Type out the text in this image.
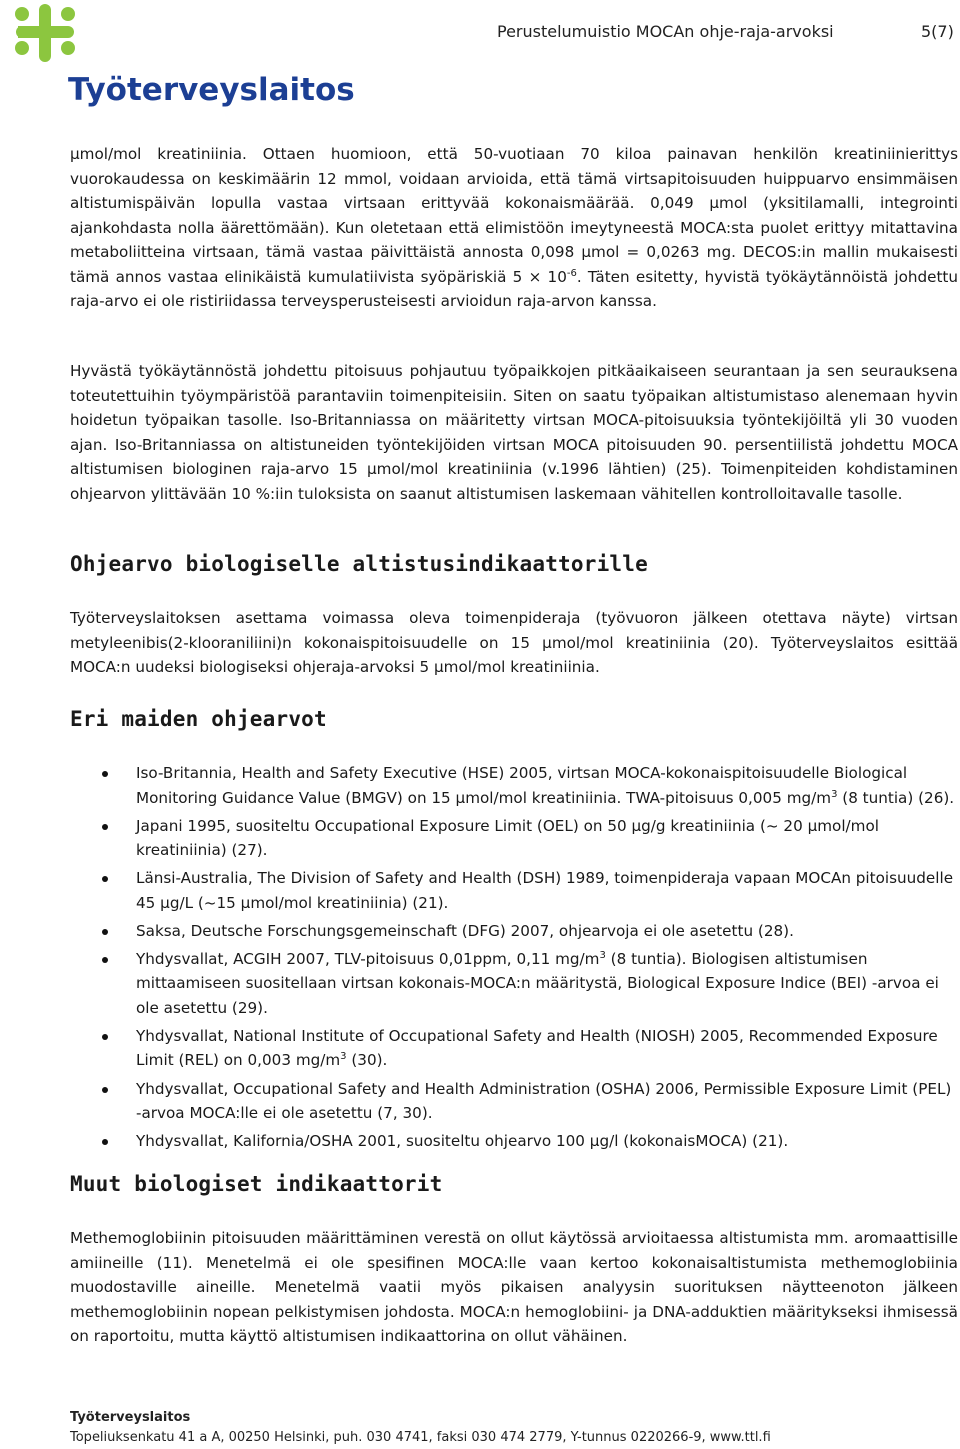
Työterveyslaitos
Perustelumuistio MOCAn ohje-raja-arvoksi	5(7)

µmol/mol kreatiniinia. Ottaen huomioon, että 50-vuotiaan 70 kiloa painavan henkilön kreatiniinierittys vuorokaudessa on keskimäärin 12 mmol, voidaan arvioida, että tämä virtsapitoisuuden huippuarvo ensimmäisen altistumispäivän lopulla vastaa virtsaan erittyvää kokonaismäärää. 0,049 µmol (yksitilamalli, integrointi ajankohdasta nolla äärettömään). Kun oletetaan että elimistöön imeytyneestä MOCA:sta puolet erittyy mitattavina metaboliitteina virtsaan, tämä vastaa päivittäistä annosta 0,098 µmol = 0,0263 mg. DECOS:in mallin mukaisesti tämä annos vastaa elinikäistä kumulatiivista syöpäriskiä $5 \times 10^{-6}$. Täten esitetty, hyvistä työkäytännöistä johdettu raja-arvo ei ole ristiriidassa terveysperusteisesti arvioidun raja-arvon kanssa.

Hyvästä työkäytännöstä johdettu pitoisuus pohjautuu työpaikkojen pitkäaikaiseen seurantaan ja sen seurauksena toteutettuihin työympäristöä parantaviin toimenpiteisiin. Siten on saatu työpaikan altistumistaso alenemaan hyvin hoidetun työpaikan tasolle. Iso-Britanniassa on määritetty virtsan MOCA-pitoisuuksia työntekijöiltä yli 30 vuoden ajan. Iso-Britanniassa on altistuneiden työntekijöiden virtsan MOCA pitoisuuden 90. persentiilistä johdettu MOCA altistumisen biologinen raja-arvo 15 µmol/mol kreatiniinia (v.1996 lähtien) (25). Toimenpiteiden kohdistaminen ohjearvon ylittävään 10 %:iin tuloksista on saanut altistumisen laskemaan vähitellen kontrolloitavalle tasolle.

Ohjearvo biologiselle altistusindikaattorille

Työterveyslaitoksen asettama voimassa oleva toimenpideraja (työvuoron jälkeen otettava näyte) virtsan metyleenibis(2-klooraniliini)n kokonaispitoisuudelle on 15 µmol/mol kreatiniinia (20). Työterveyslaitos esittää MOCA:n uudeksi biologiseksi ohjeraja-arvoksi 5 µmol/mol kreatiniinia.

Eri maiden ohjearvot
Iso-Britannia, Health and Safety Executive (HSE) 2005, virtsan MOCA-kokonaispitoisuudelle Biological Monitoring Guidance Value (BMGV) on 15 µmol/mol kreatiniinia. TWA-pitoisuus 0,005 $mg/m^3$ (8 tuntia) (26).
Japani 1995, suositeltu Occupational Exposure Limit (OEL) on 50 µg/g kreatiniinia (~ 20 µmol/mol kreatiniinia) (27).
Länsi-Australia, The Division of Safety and Health (DSH) 1989, toimenpideraja vapaan MOCAn pitoisuudelle 45 µg/L (~15 µmol/mol kreatiniinia) (21).
Saksa, Deutsche Forschungsgemeinschaft (DFG) 2007, ohjearvoja ei ole asetettu (28).
Yhdysvallat, ACGIH 2007, TLV-pitoisuus 0,01ppm, 0,11 $mg/m^3$ (8 tuntia). Biologisen altistumisen mittaamiseen suositellaan virtsan kokonais-MOCA:n määritystä, Biological Exposure Indice (BEI) -arvoa ei ole asetettu (29).
Yhdysvallat, National Institute of Occupational Safety and Health (NIOSH) 2005, Recommended Exposure Limit (REL) on 0,003 $mg/m^3$ (30).
Yhdysvallat, Occupational Safety and Health Administration (OSHA) 2006, Permissible Exposure Limit (PEL) -arvoa MOCA:lle ei ole asetettu (7, 30).
Yhdysvallat, Kalifornia/OSHA 2001, suositeltu ohjearvo 100 µg/l (kokonaisMOCA) (21).
Muut biologiset indikaattorit

Methemoglobiinin pitoisuuden määrittäminen verestä on ollut käytössä arvioitaessa altistumista mm. aromaattisille amiineille (11). Menetelmä ei ole spesifinen MOCA:lle vaan kertoo kokonaisaltistumista methemoglobiinia muodostaville aineille. Menetelmä vaatii myös pikaisen analyysin suorituksen näytteenoton jälkeen methemoglobiinin nopean pelkistymisen johdosta. MOCA:n hemoglobiini- ja DNA-adduktien määritykseksi ihmisessä on raportoitu, mutta käyttö altistumisen indikaattorina on ollut vähäinen.

Työterveyslaitos
Topeliuksenkatu 41 a A, 00250 Helsinki, puh. 030 4741, faksi 030 474 2779, Y-tunnus 0220266-9, www.ttl.fi
